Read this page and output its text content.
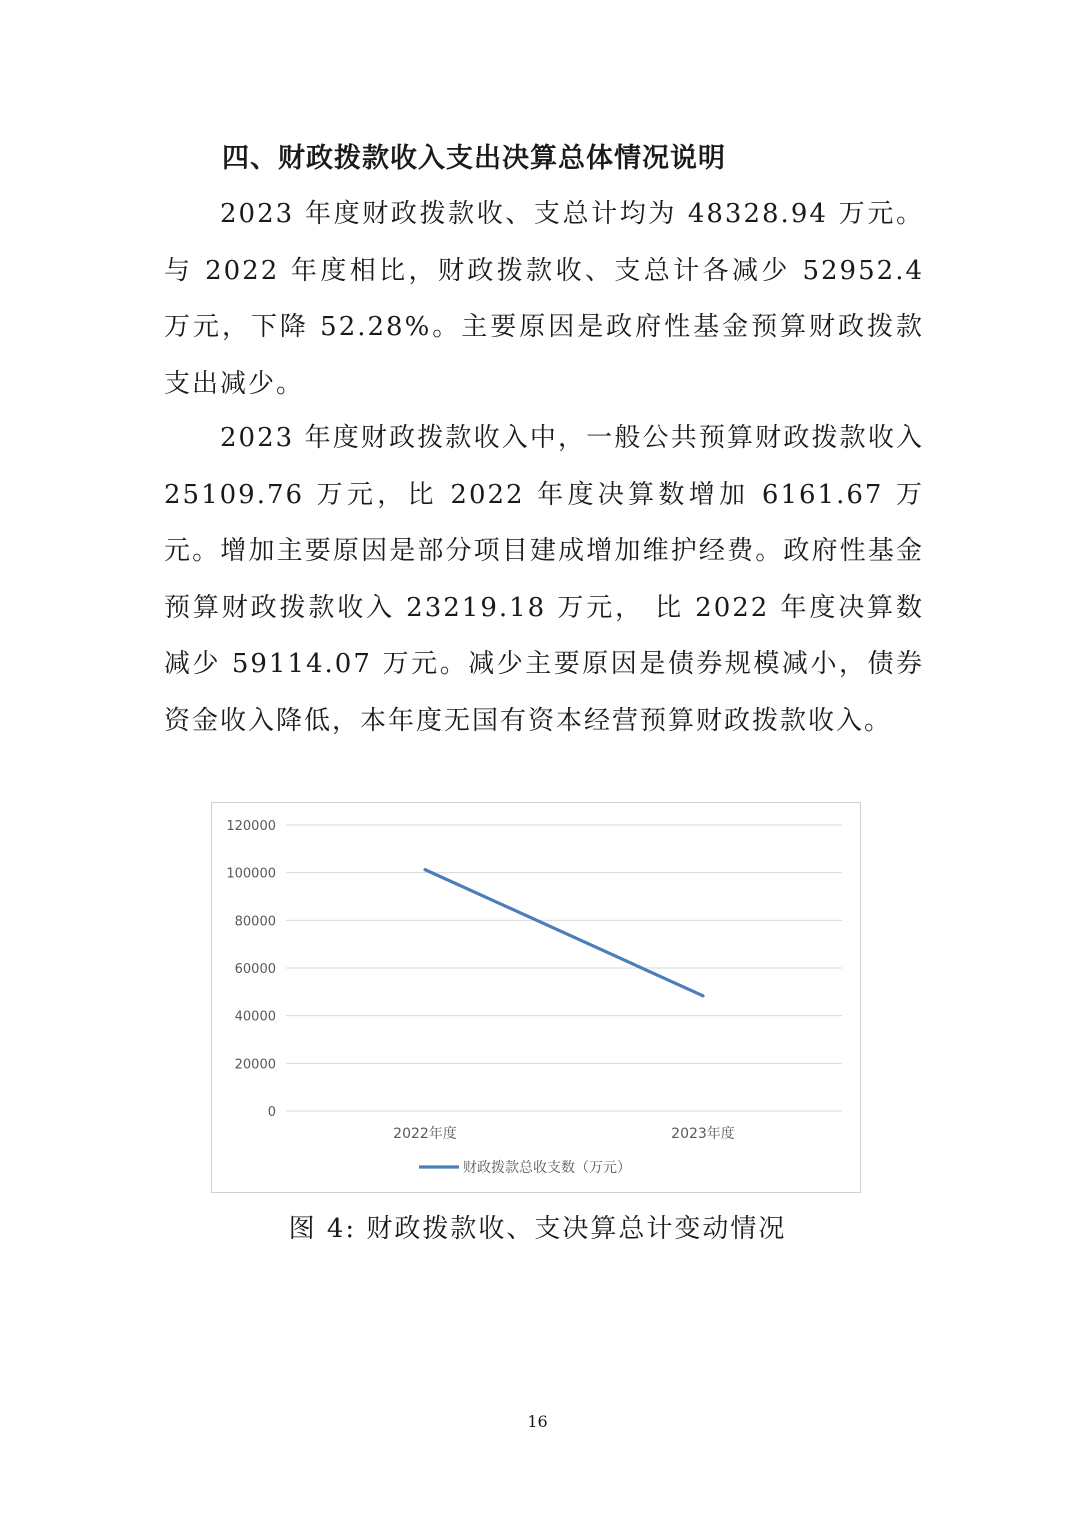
四、财政拨款收入支出决算总体情况说明

2023 年度财政拨款收、支总计均为 48328.94 万元。与 2022 年度相比，财政拨款收、支总计各减少 52952.4 万元，下降 52.28%。主要原因是政府性基金预算财政拨款支出减少。

2023 年度财政拨款收入中，一般公共预算财政拨款收入 25109.76 万元，比 2022 年度决算数增加 6161.67 万元。增加主要原因是部分项目建成增加维护经费。政府性基金预算财政拨款收入 23219.18 万元， 比 2022 年度决算数减少 59114.07 万元。减少主要原因是债券规模减小，债券资金收入降低，本年度无国有资本经营预算财政拨款收入。

0
20000
40000
60000
80000
100000
120000
2022年度	2023年度
财政拨款总收支数（万元）
图 4: 财政拨款收、支决算总计变动情况
16
